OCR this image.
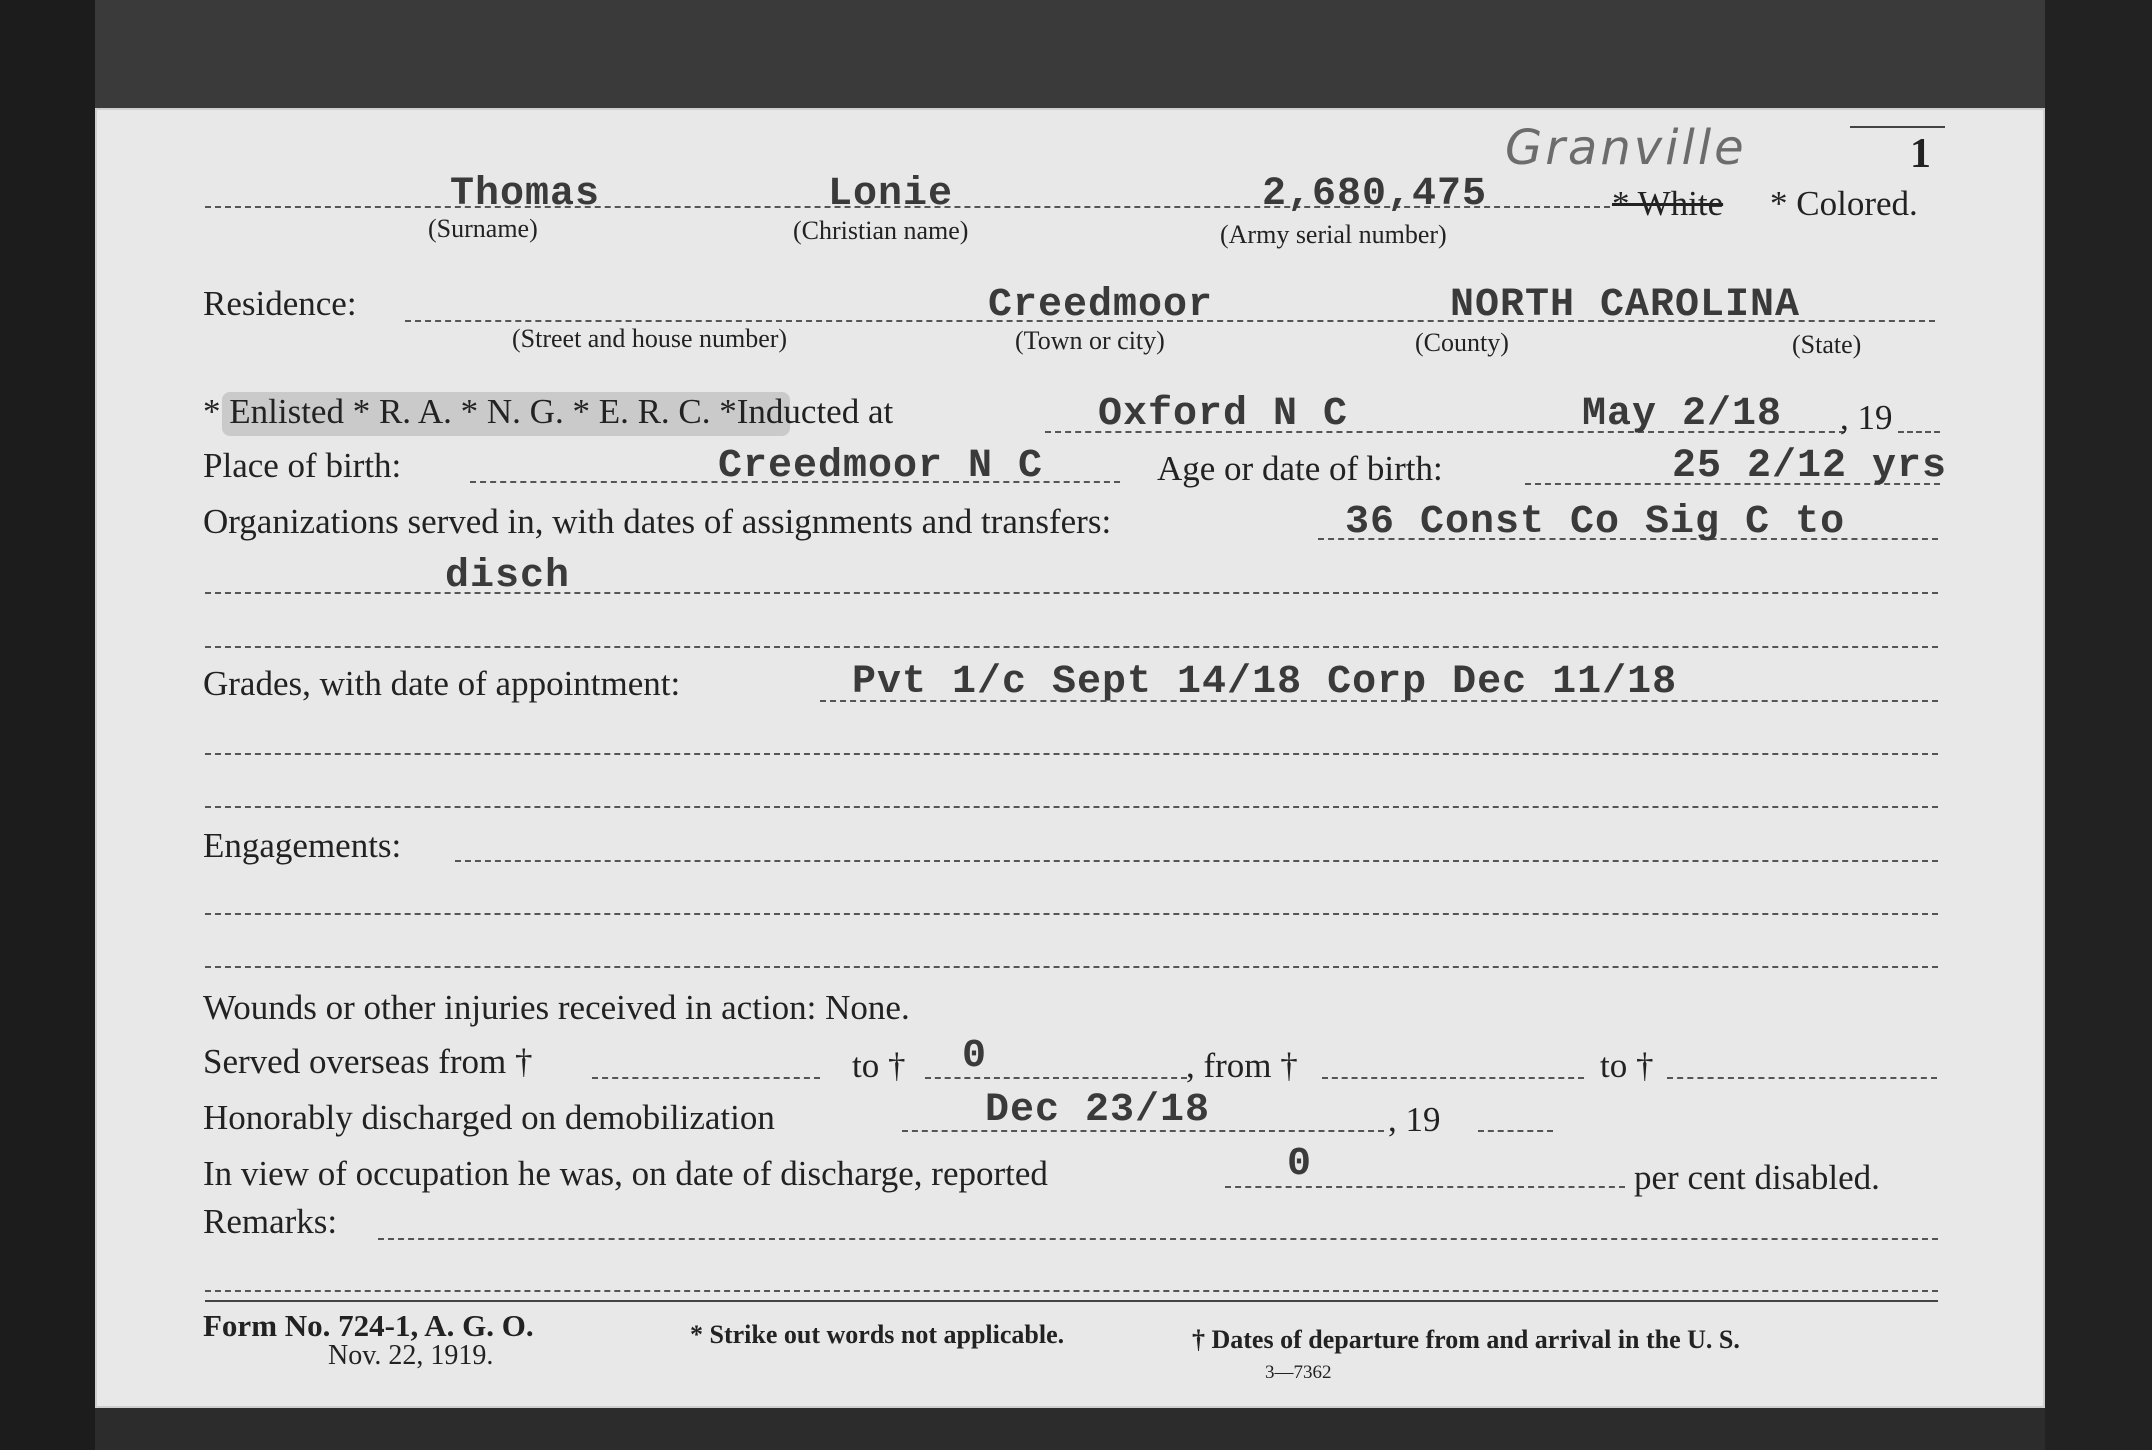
Granville	1
Thomas	Lonie	2,680,475	* White * Colored.
(Surname)	(Christian name)	(Army serial number)
Residence:	Creedmoor	NORTH CAROLINA
(Street and house number)	(Town or city)	(County)	(State)
* Enlisted * R. A. * N. G. * E. R. C. *Inducted at	Oxford N C	May 2/18 , 19
Place of birth:	Creedmoor N C	Age or date of birth:	25 2/12 yrs
Organizations served in, with dates of assignments and transfers:	36 Const Co Sig C to
disch
Grades, with date of appointment:	Pvt 1/c Sept 14/18 Corp Dec 11/18
Engagements:
Wounds or other injuries received in action: None.
Served overseas from †	to † 0	, from †	to †
Honorably discharged on demobilization	Dec 23/18	, 19
In view of occupation he was, on date of discharge, reported	0	per cent disabled.
Remarks:
Form No. 724-1, A. G. O.
Nov. 22, 1919.
* Strike out words not applicable.	† Dates of departure from and arrival in the U. S.
3—7362
